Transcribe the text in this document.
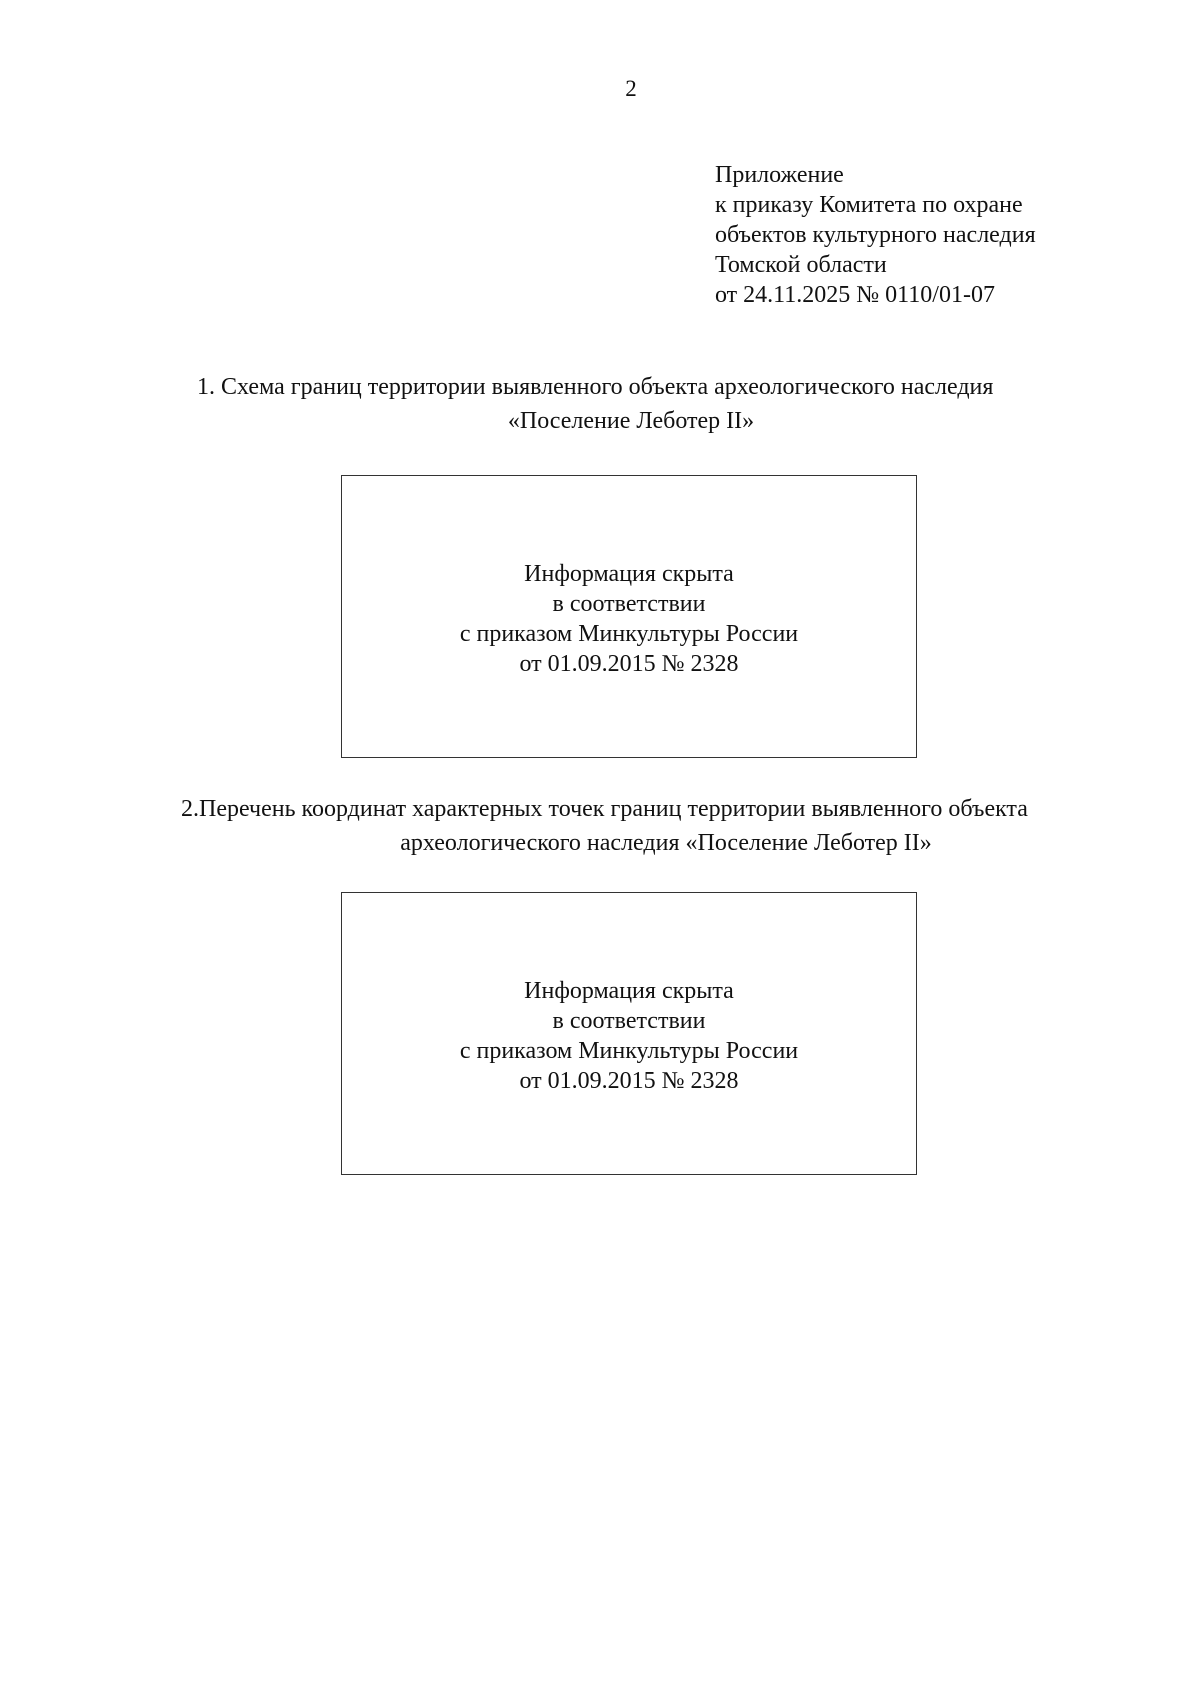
2
Приложение
к приказу Комитета по охране
объектов культурного наследия
Томской области
от 24.11.2025 № 0110/01-07
1. Схема границ территории выявленного объекта археологического наследия
«Поселение Леботер II»
Информация скрыта
в соответствии
с приказом Минкультуры России
от 01.09.2015 № 2328
2.Перечень координат характерных точек границ территории выявленного объекта
археологического наследия «Поселение Леботер II»
Информация скрыта
в соответствии
с приказом Минкультуры России
от 01.09.2015 № 2328
